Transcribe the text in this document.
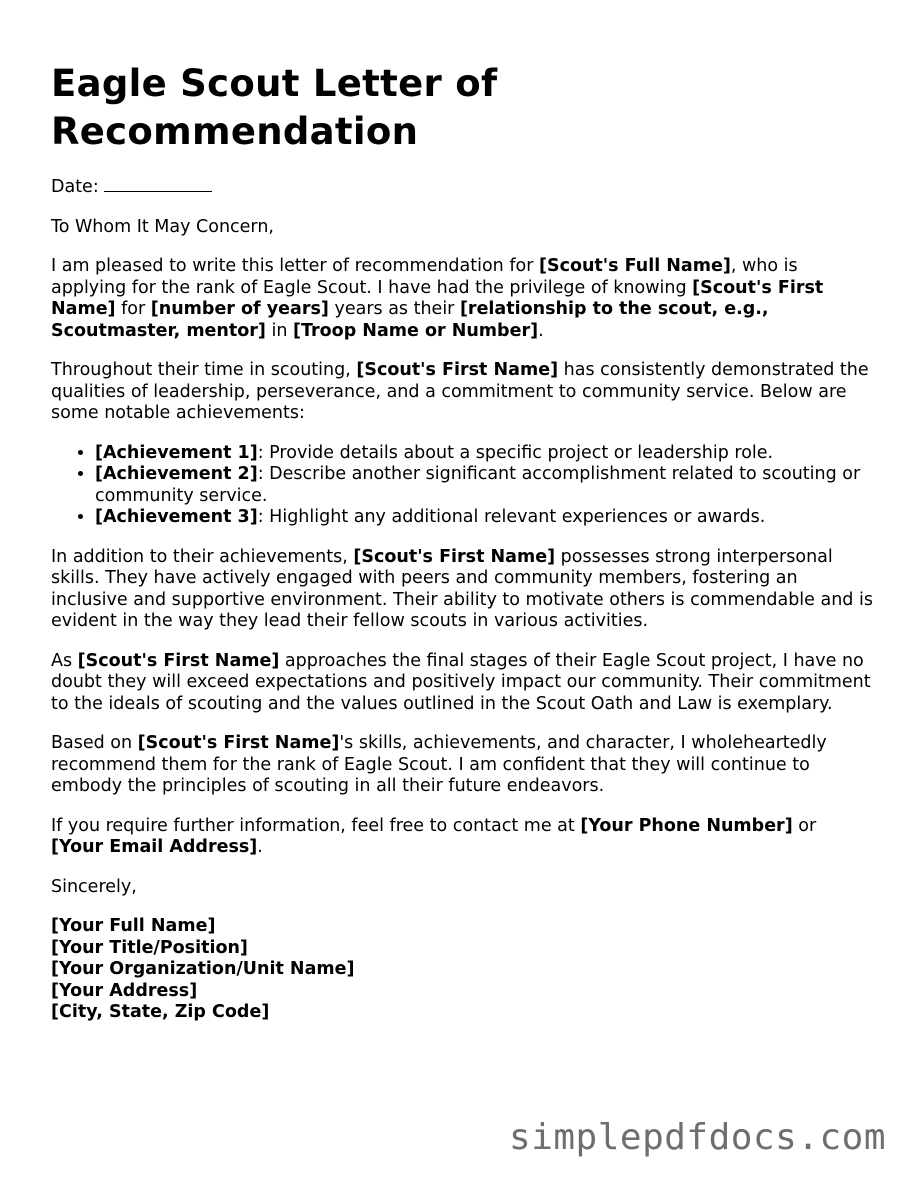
Eagle Scout Letter of Recommendation

Date:

To Whom It May Concern,

I am pleased to write this letter of recommendation for [Scout's Full Name], who is applying for the rank of Eagle Scout. I have had the privilege of knowing [Scout's First Name] for [number of years] years as their [relationship to the scout, e.g., Scoutmaster, mentor] in [Troop Name or Number].

Throughout their time in scouting, [Scout's First Name] has consistently demonstrated the qualities of leadership, perseverance, and a commitment to community service. Below are some notable achievements:

• [Achievement 1]: Provide details about a specific project or leadership role.
• [Achievement 2]: Describe another significant accomplishment related to scouting or community service.
• [Achievement 3]: Highlight any additional relevant experiences or awards.

In addition to their achievements, [Scout's First Name] possesses strong interpersonal skills. They have actively engaged with peers and community members, fostering an inclusive and supportive environment. Their ability to motivate others is commendable and is evident in the way they lead their fellow scouts in various activities.

As [Scout's First Name] approaches the final stages of their Eagle Scout project, I have no doubt they will exceed expectations and positively impact our community. Their commitment to the ideals of scouting and the values outlined in the Scout Oath and Law is exemplary.

Based on [Scout's First Name]'s skills, achievements, and character, I wholeheartedly recommend them for the rank of Eagle Scout. I am confident that they will continue to embody the principles of scouting in all their future endeavors.

If you require further information, feel free to contact me at [Your Phone Number] or [Your Email Address].

Sincerely,

[Your Full Name]
[Your Title/Position]
[Your Organization/Unit Name]
[Your Address]
[City, State, Zip Code]
simplepdfdocs.com
